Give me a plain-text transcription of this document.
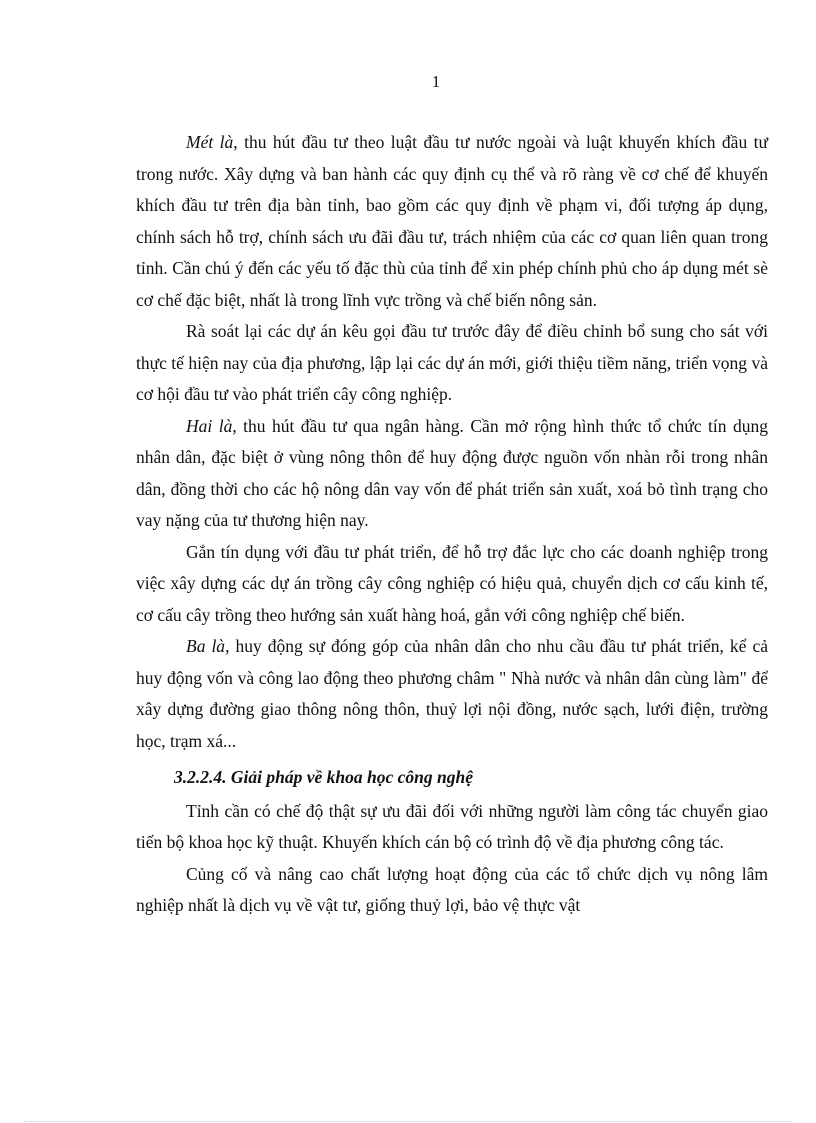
1

Mét là, thu hút đầu tư theo luật đầu tư nước ngoài và luật khuyến khích đầu tư trong nước. Xây dựng và ban hành các quy định cụ thể và rõ ràng về cơ chế để khuyến khích đầu tư trên địa bàn tỉnh, bao gồm các quy định về phạm vi, đối tượng áp dụng, chính sách hỗ trợ, chính sách ưu đãi đầu tư, trách nhiệm của các cơ quan liên quan trong tỉnh. Cần chú ý đến các yếu tố đặc thù của tỉnh để xin phép chính phủ cho áp dụng mét sè cơ chế đặc biệt, nhất là trong lĩnh vực trồng và chế biến nông sản.

Rà soát lại các dự án kêu gọi đầu tư trước đây để điều chỉnh bổ sung cho sát với thực tế hiện nay của địa phương, lập lại các dự án mới, giới thiệu tiềm năng, triển vọng và cơ hội đầu tư vào phát triển cây công nghiệp.

Hai là, thu hút đầu tư qua ngân hàng. Cần mở rộng hình thức tổ chức tín dụng nhân dân, đặc biệt ở vùng nông thôn để huy động được nguồn vốn nhàn rỗi trong nhân dân, đồng thời cho các hộ nông dân vay vốn để phát triển sản xuất, xoá bỏ tình trạng cho vay nặng của tư thương hiện nay.

Gắn tín dụng với đầu tư phát triển, để hỗ trợ đắc lực cho các doanh nghiệp trong việc xây dựng các dự án trồng cây công nghiệp có hiệu quả, chuyển dịch cơ cấu kinh tế, cơ cấu cây trồng theo hướng sản xuất hàng hoá, gắn với công nghiệp chế biến.

Ba là, huy động sự đóng góp của nhân dân cho nhu cầu đầu tư phát triển, kể cả huy động vốn và công lao động theo phương châm " Nhà nước và nhân dân cùng làm" để xây dựng đường giao thông nông thôn, thuỷ lợi nội đồng, nước sạch, lưới điện, trường học, trạm xá...

3.2.2.4. Giải pháp về khoa học công nghệ

Tỉnh cần có chế độ thật sự ưu đãi đối với những người làm công tác chuyển giao tiến bộ khoa học kỹ thuật. Khuyến khích cán bộ có trình độ về địa phương công tác.

Củng cố và nâng cao chất lượng hoạt động của các tổ chức dịch vụ nông lâm nghiệp nhất là dịch vụ về vật tư, giống thuỷ lợi, bảo vệ thực vật
